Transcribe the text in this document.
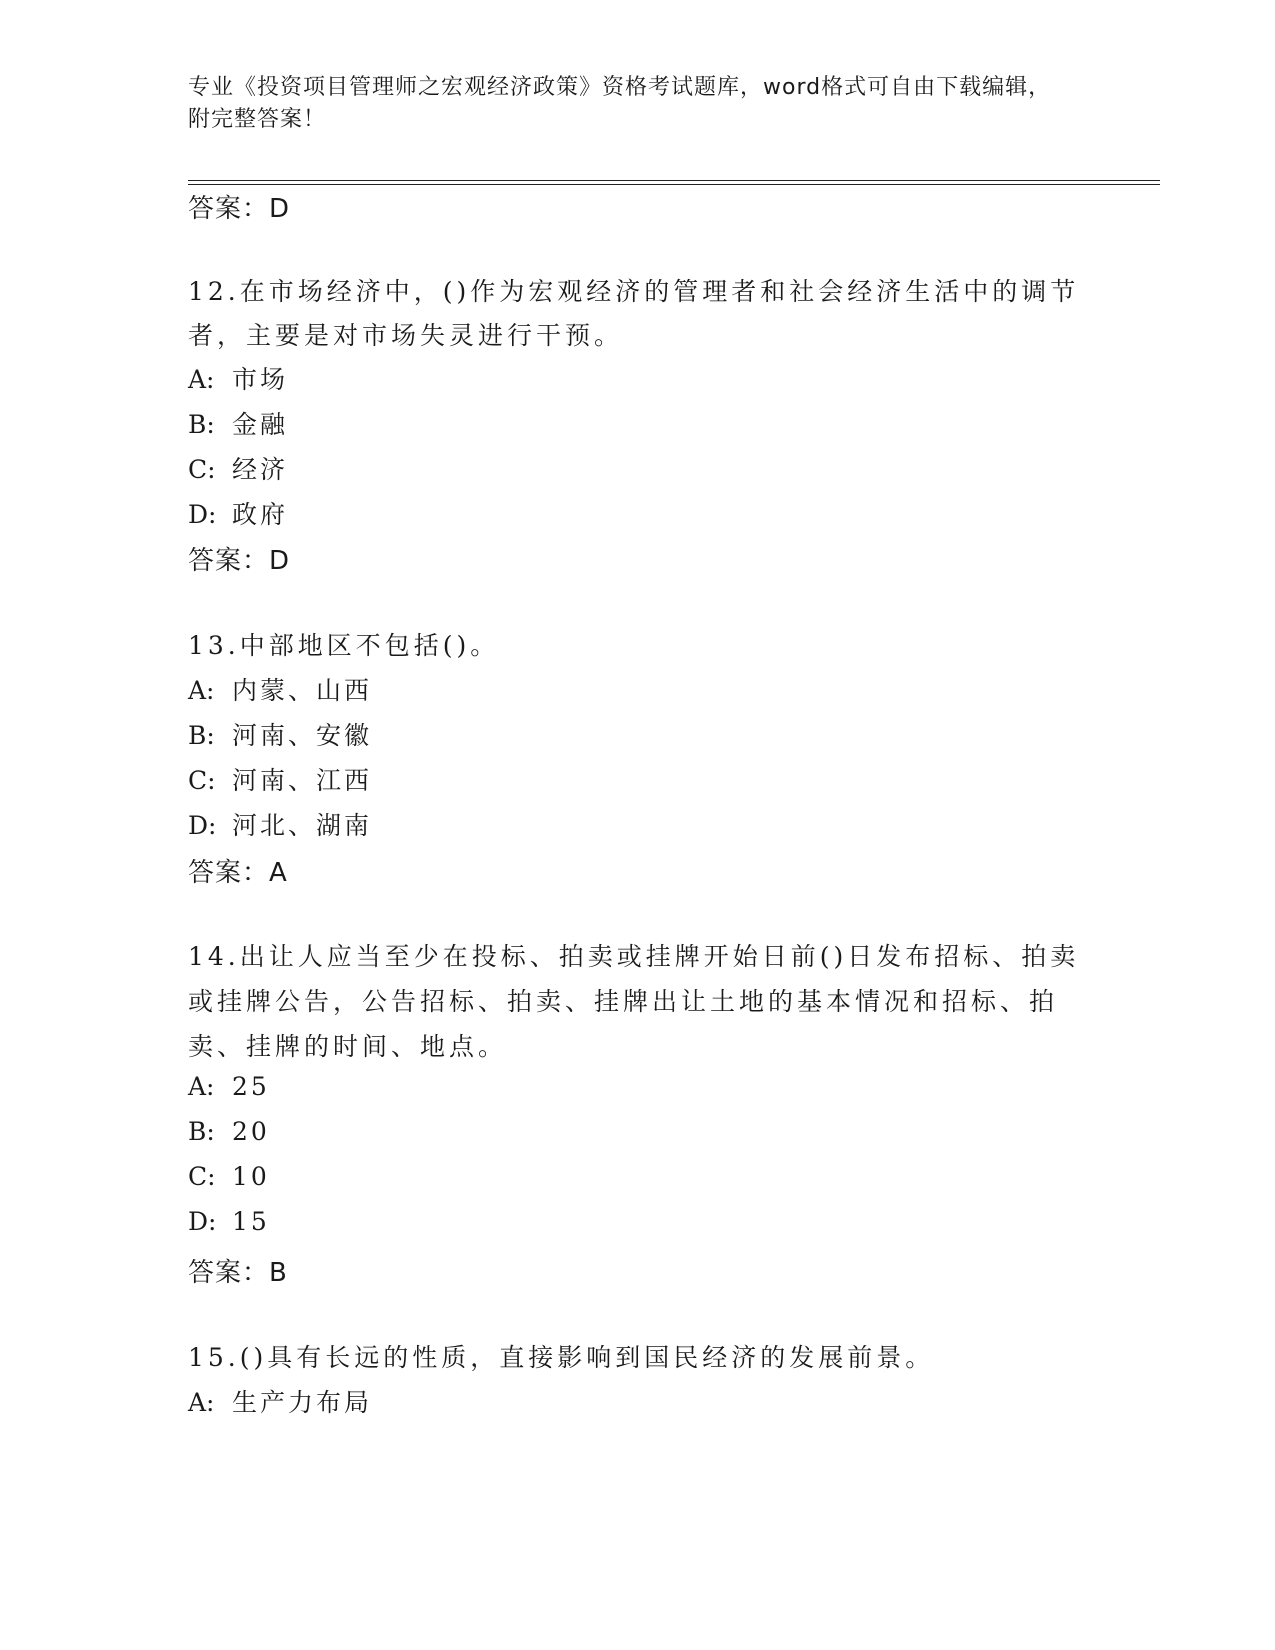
专业《投资项目管理师之宏观经济政策》资格考试题库，word格式可自由下载编辑，附完整答案！
答案：D
12.在市场经济中，()作为宏观经济的管理者和社会经济生活中的调节
者，主要是对市场失灵进行干预。
A: 市场
B: 金融
C: 经济
D: 政府
答案：D
13.中部地区不包括()。
A: 内蒙、山西
B: 河南、安徽
C: 河南、江西
D: 河北、湖南
答案：A
14.出让人应当至少在投标、拍卖或挂牌开始日前()日发布招标、拍卖
或挂牌公告，公告招标、拍卖、挂牌出让土地的基本情况和招标、拍
卖、挂牌的时间、地点。
A: 25
B: 20
C: 10
D: 15
答案：B
15.()具有长远的性质，直接影响到国民经济的发展前景。
A: 生产力布局
